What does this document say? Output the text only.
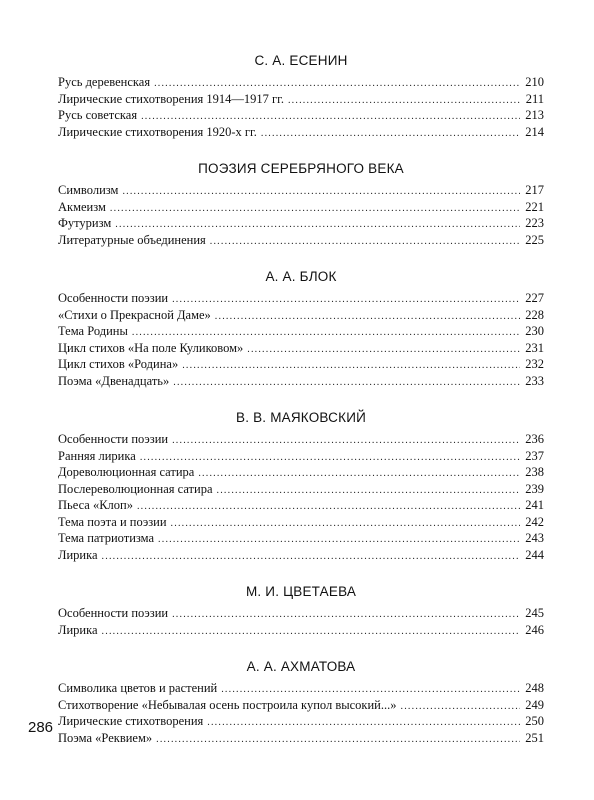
С. А. ЕСЕНИН
Русь деревенская .....	210
Лирические стихотворения 1914—1917 гг. .....	211
Русь советская .....	213
Лирические стихотворения 1920-х гг. .....	214
ПОЭЗИЯ СЕРЕБРЯНОГО ВЕКА
Символизм .....	217
Акмеизм .....	221
Футуризм .....	223
Литературные объединения .....	225
А. А. БЛОК
Особенности поэзии .....	227
«Стихи о Прекрасной Даме» .....	228
Тема Родины .....	230
Цикл стихов «На поле Куликовом» .....	231
Цикл стихов «Родина» .....	232
Поэма «Двенадцать» .....	233
В. В. МАЯКОВСКИЙ
Особенности поэзии .....	236
Ранняя лирика .....	237
Дореволюционная сатира .....	238
Послереволюционная сатира .....	239
Пьеса «Клоп» .....	241
Тема поэта и поэзии .....	242
Тема патриотизма .....	243
Лирика .....	244
М. И. ЦВЕТАЕВА
Особенности поэзии .....	245
Лирика .....	246
А. А. АХМАТОВА
Символика цветов и растений .....	248
Стихотворение «Небывалая осень построила купол высокий...» .....	249
Лирические стихотворения .....	250
Поэма «Реквием» .....	251
286
